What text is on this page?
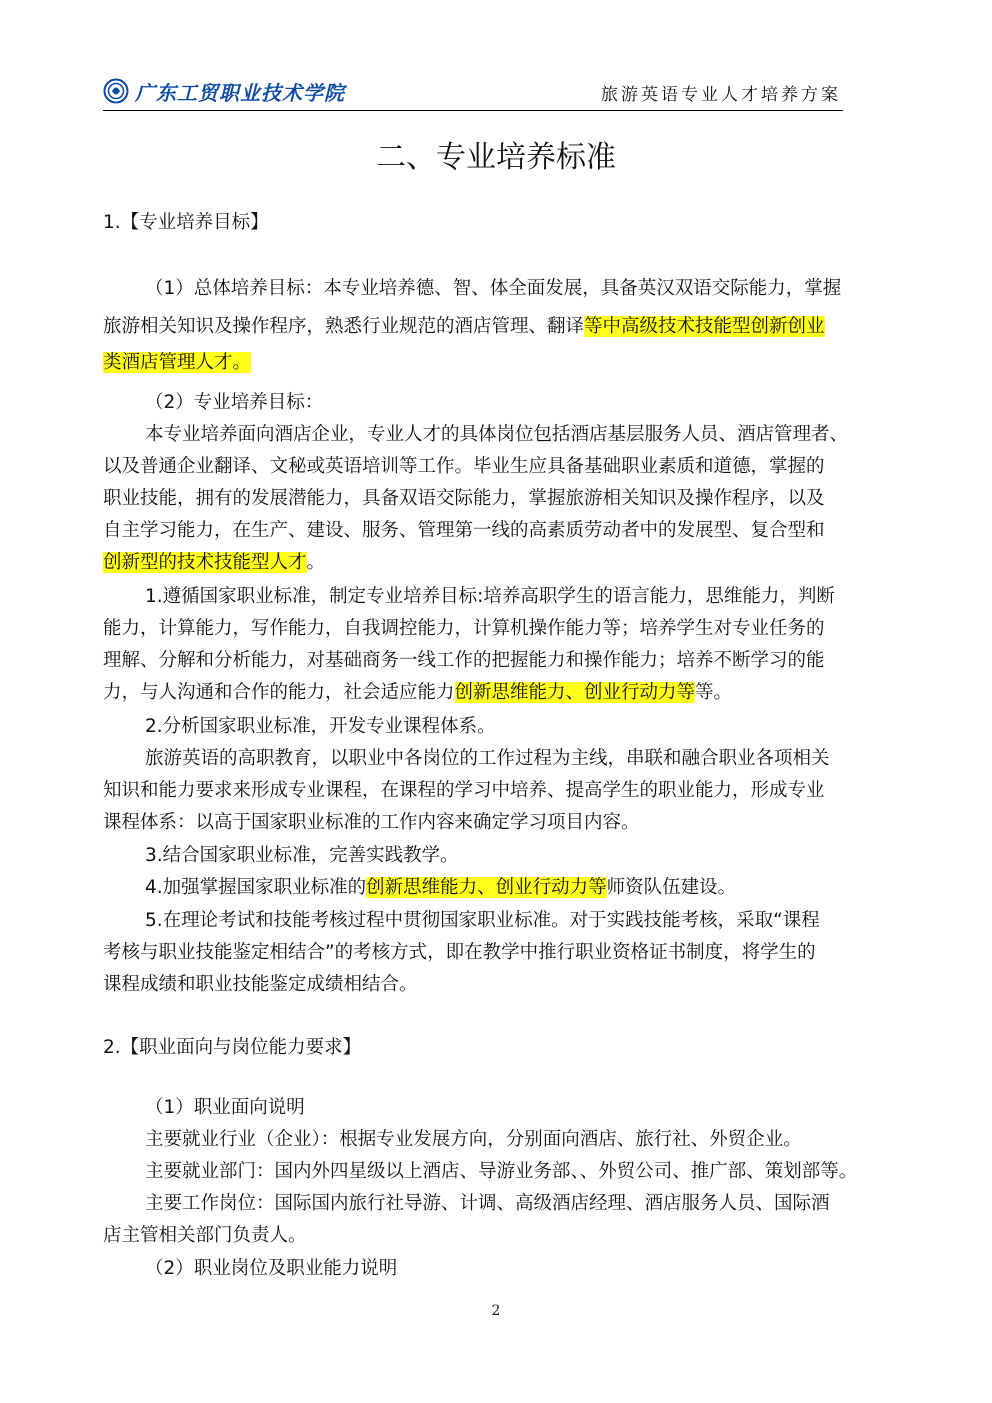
广东工贸职业技术学院	旅游英语专业人才培养方案
二、专业培养标准
1.【专业培养目标】
（1）总体培养目标：本专业培养德、智、体全面发展，具备英汉双语交际能力，掌握
旅游相关知识及操作程序，熟悉行业规范的酒店管理、翻译等中高级技术技能型创新创业
类酒店管理人才。
（2）专业培养目标：
本专业培养面向酒店企业，专业人才的具体岗位包括酒店基层服务人员、酒店管理者、
以及普通企业翻译、文秘或英语培训等工作。毕业生应具备基础职业素质和道德，掌握的
职业技能，拥有的发展潜能力，具备双语交际能力，掌握旅游相关知识及操作程序，以及
自主学习能力，在生产、建设、服务、管理第一线的高素质劳动者中的发展型、复合型和
创新型的技术技能型人才。
1.遵循国家职业标准，制定专业培养目标:培养高职学生的语言能力，思维能力，判断
能力，计算能力，写作能力，自我调控能力，计算机操作能力等；培养学生对专业任务的
理解、分解和分析能力，对基础商务一线工作的把握能力和操作能力；培养不断学习的能
力，与人沟通和合作的能力，社会适应能力创新思维能力、创业行动力等等。
2.分析国家职业标准，开发专业课程体系。
旅游英语的高职教育，以职业中各岗位的工作过程为主线，串联和融合职业各项相关
知识和能力要求来形成专业课程，在课程的学习中培养、提高学生的职业能力，形成专业
课程体系：以高于国家职业标准的工作内容来确定学习项目内容。
3.结合国家职业标准，完善实践教学。
4.加强掌握国家职业标准的创新思维能力、创业行动力等师资队伍建设。
5.在理论考试和技能考核过程中贯彻国家职业标准。对于实践技能考核，采取“课程
考核与职业技能鉴定相结合”的考核方式，即在教学中推行职业资格证书制度，将学生的
课程成绩和职业技能鉴定成绩相结合。
2.【职业面向与岗位能力要求】
（1）职业面向说明
主要就业行业（企业）：根据专业发展方向，分别面向酒店、旅行社、外贸企业。
主要就业部门：国内外四星级以上酒店、导游业务部、、外贸公司、推广部、策划部等。
主要工作岗位：国际国内旅行社导游、计调、高级酒店经理、酒店服务人员、国际酒
店主管相关部门负责人。
（2）职业岗位及职业能力说明
2
